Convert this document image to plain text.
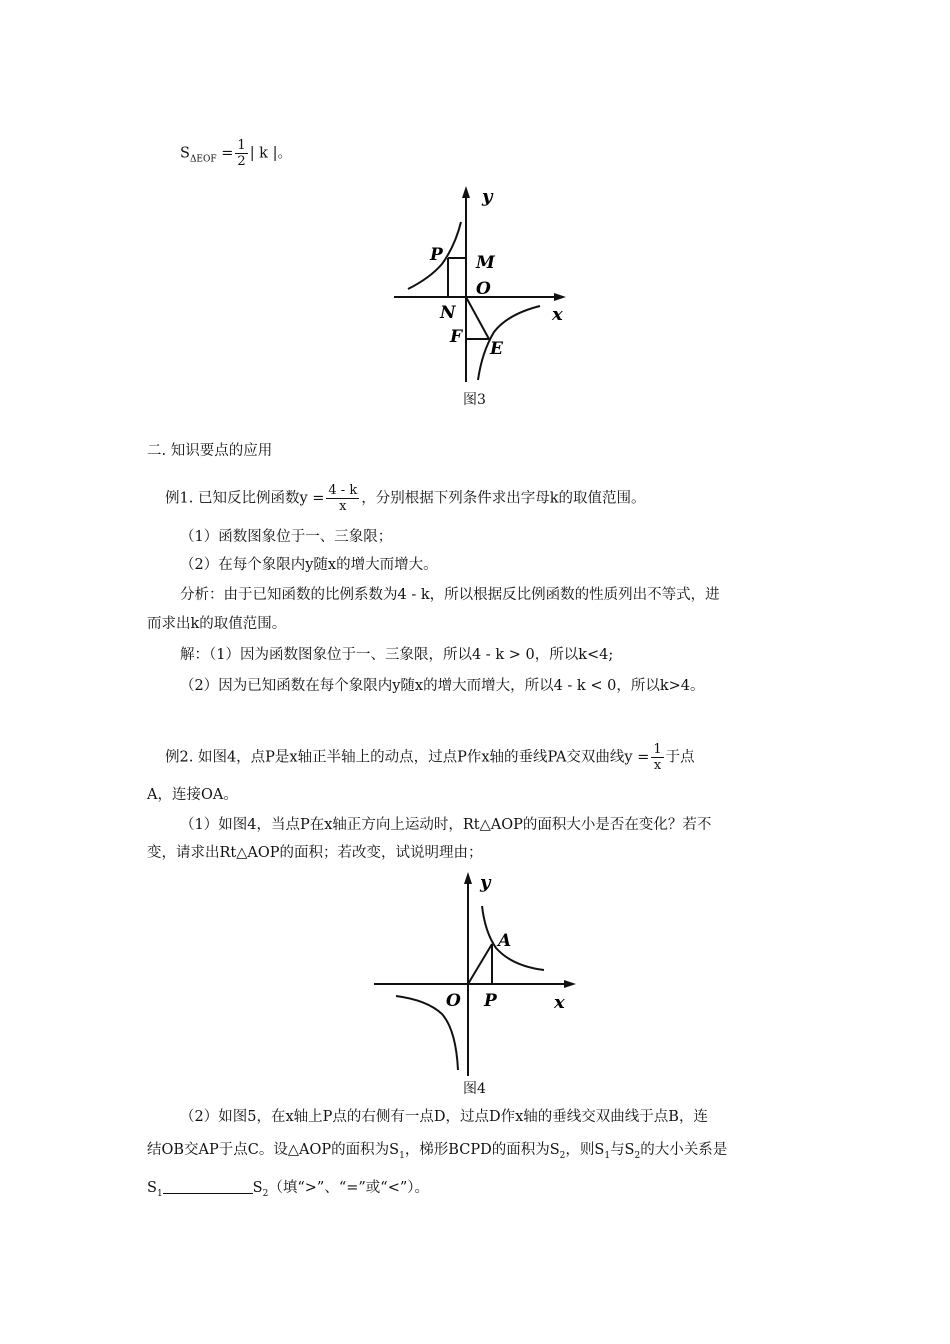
$S_{\Delta EOF} = \frac{1}{2}$ | k |。
y
x
P M
O
N
F
E
图3
二. 知识要点的应用
例1. 已知反比例函数$y = \frac{4 - k}{x}$ ，分别根据下列条件求出字母k的取值范围。
（1）函数图象位于一、三象限；
（2）在每个象限内y随x的增大而增大。
分析：由于已知函数的比例系数为4 - k，所以根据反比例函数的性质列出不等式，进
而求出k的取值范围。
解：（1）因为函数图象位于一、三象限，所以4 - k > 0，所以k<4;
（2）因为已知函数在每个象限内y随x的增大而增大，所以4 - k < 0，所以k>4。
例2. 如图4，点P是x轴正半轴上的动点，过点P作x轴的垂线PA交双曲线$y = \frac{1}{x}$ 于点
A，连接OA。
（1）如图4，当点P在x轴正方向上运动时，Rt△AOP的面积大小是否在变化？若不
变，请求出Rt△AOP的面积；若改变，试说明理由；
y
x
A
O P
图4
（2）如图5，在x轴上P点的右侧有一点D，过点D作x轴的垂线交双曲线于点B，连
结OB交AP于点C。设△AOP的面积为$S_1$，梯形BCPD的面积为$S_2$，则$S_1$与$S_2$的大小关系是
$S_1$	$S_2$（填“>”、“=”或“<”）。
